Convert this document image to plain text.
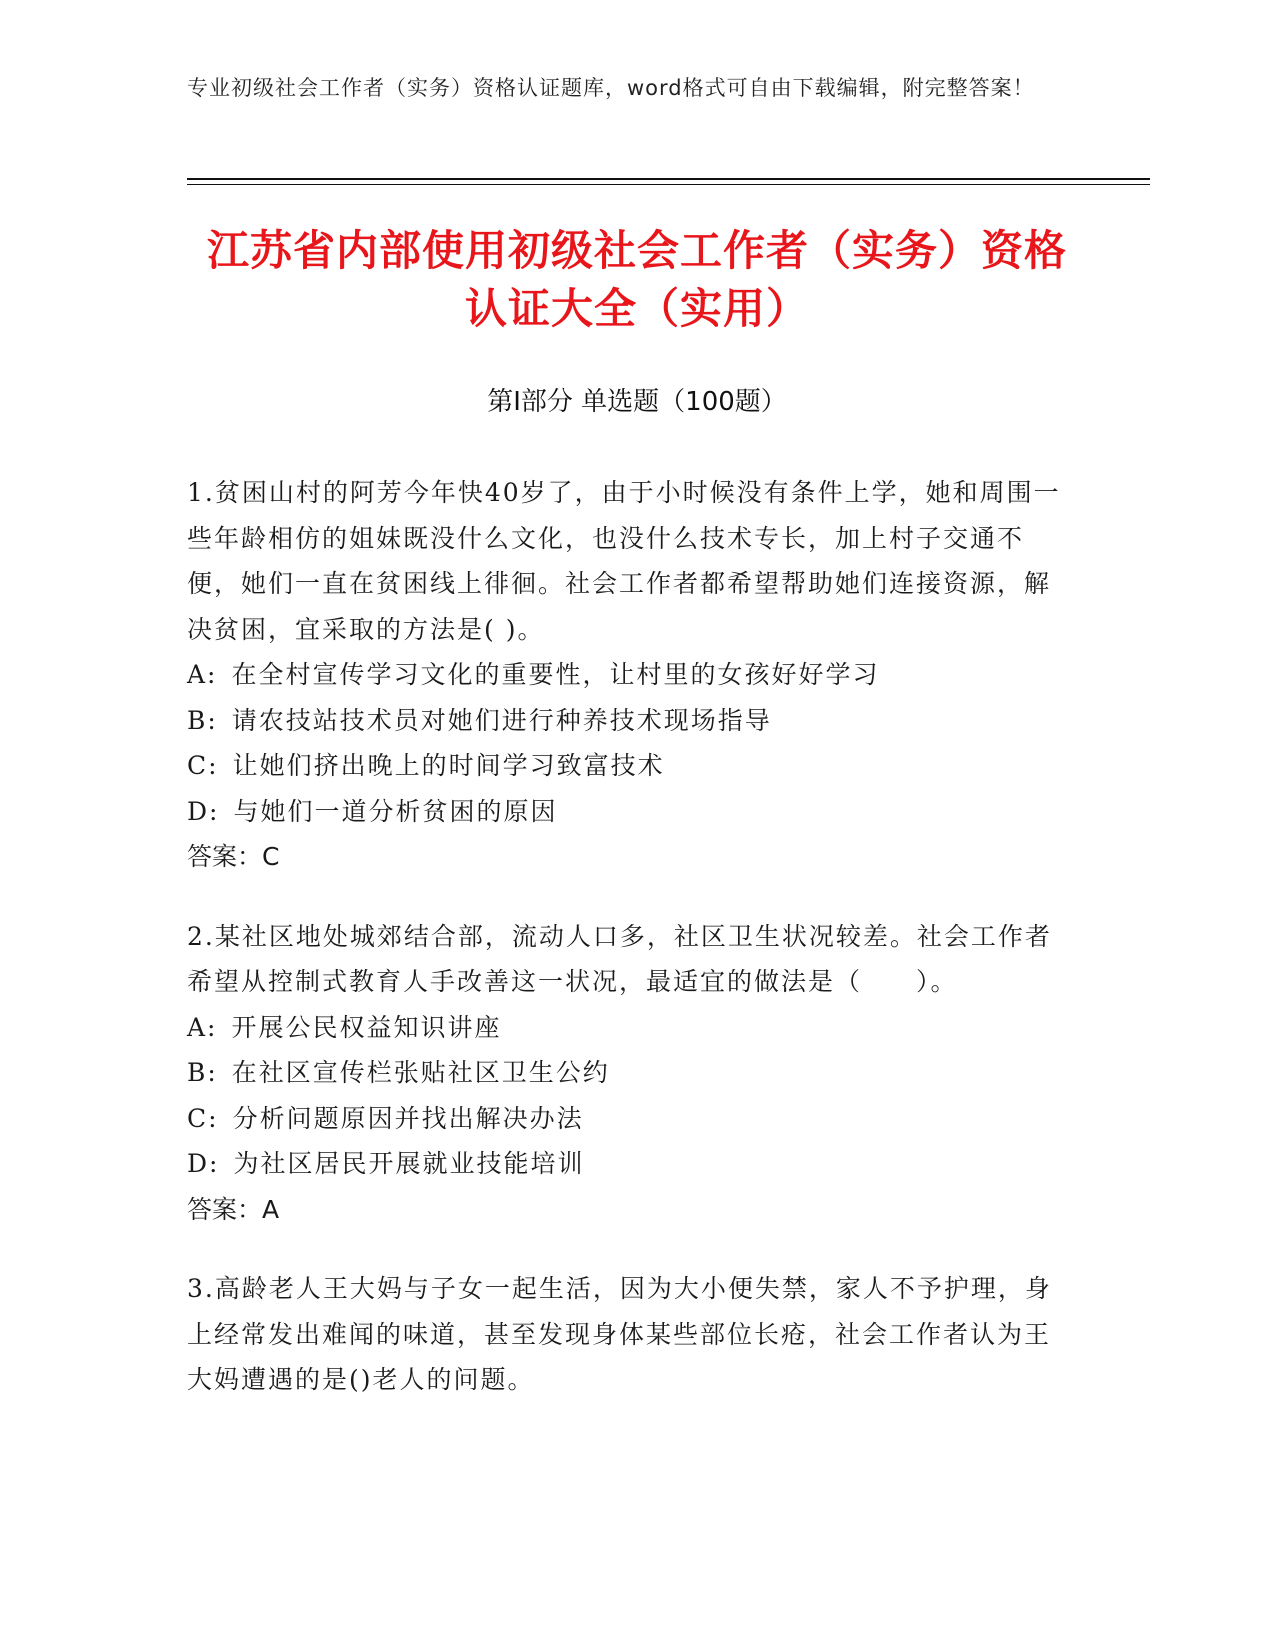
专业初级社会工作者（实务）资格认证题库，word格式可自由下载编辑，附完整答案！
江苏省内部使用初级社会工作者（实务）资格认证大全（实用）
第Ⅰ部分 单选题（100题）

1.贫困山村的阿芳今年快40岁了，由于小时候没有条件上学，她和周围一些年龄相仿的姐妹既没什么文化，也没什么技术专长，加上村子交通不便，她们一直在贫困线上徘徊。社会工作者都希望帮助她们连接资源，解决贫困，宜采取的方法是( )。

A: 在全村宣传学习文化的重要性，让村里的女孩好好学习

B: 请农技站技术员对她们进行种养技术现场指导

C: 让她们挤出晚上的时间学习致富技术

D: 与她们一道分析贫困的原因

答案：C

2.某社区地处城郊结合部，流动人口多，社区卫生状况较差。社会工作者希望从控制式教育人手改善这一状况，最适宜的做法是（　　）。

A: 开展公民权益知识讲座

B: 在社区宣传栏张贴社区卫生公约

C: 分析问题原因并找出解决办法

D: 为社区居民开展就业技能培训

答案：A

3.高龄老人王大妈与子女一起生活，因为大小便失禁，家人不予护理，身上经常发出难闻的味道，甚至发现身体某些部位长疮，社会工作者认为王大妈遭遇的是()老人的问题。
